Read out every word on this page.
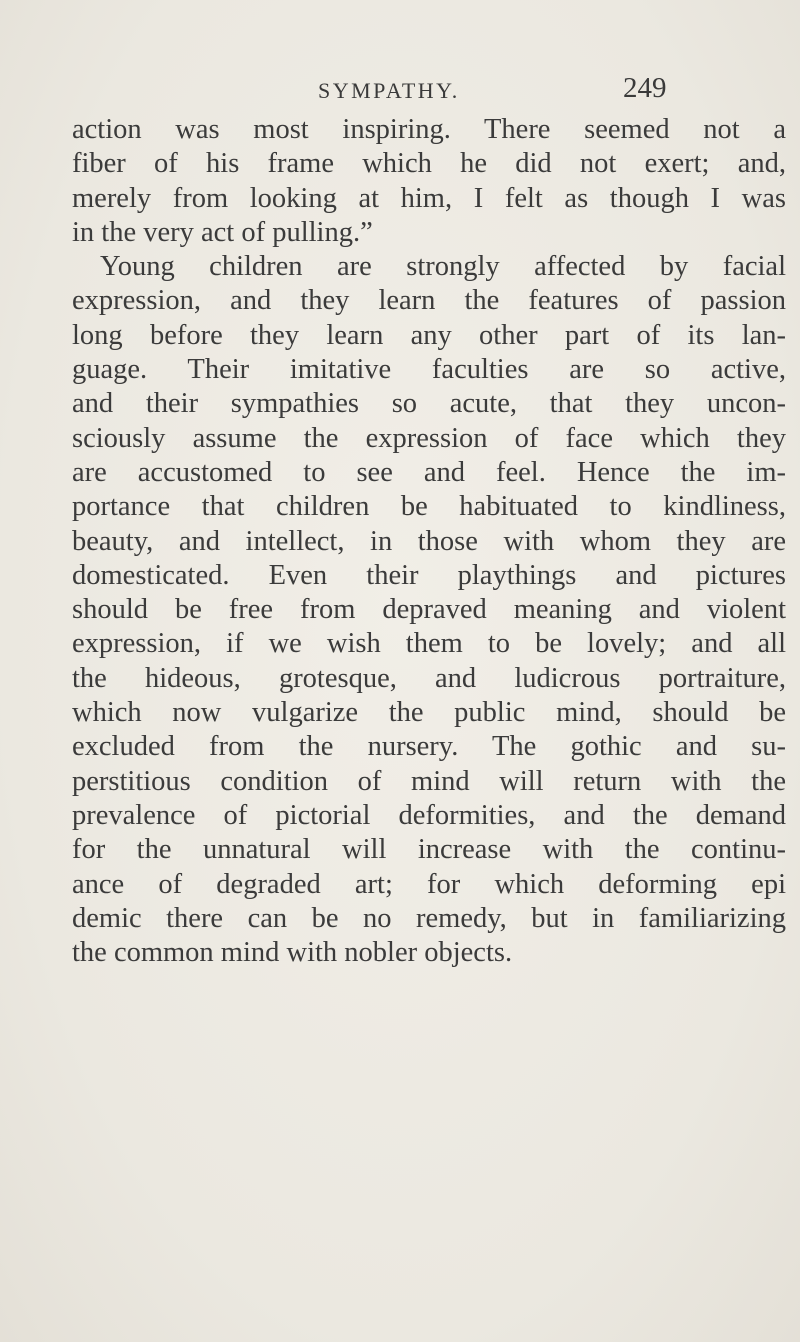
SYMPATHY.	249
action was most inspiring. There seemed not a
fiber of his frame which he did not exert; and,
merely from looking at him, I felt as though I was
in the very act of pulling.”
Young children are strongly affected by facial
expression, and they learn the features of passion
long before they learn any other part of its lan-
guage. Their imitative faculties are so active,
and their sympathies so acute, that they uncon-
sciously assume the expression of face which they
are accustomed to see and feel. Hence the im-
portance that children be habituated to kindliness,
beauty, and intellect, in those with whom they are
domesticated. Even their playthings and pictures
should be free from depraved meaning and violent
expression, if we wish them to be lovely; and all
the hideous, grotesque, and ludicrous portraiture,
which now vulgarize the public mind, should be
excluded from the nursery. The gothic and su-
perstitious condition of mind will return with the
prevalence of pictorial deformities, and the demand
for the unnatural will increase with the continu-
ance of degraded art; for which deforming epi
demic there can be no remedy, but in familiarizing
the common mind with nobler objects.
